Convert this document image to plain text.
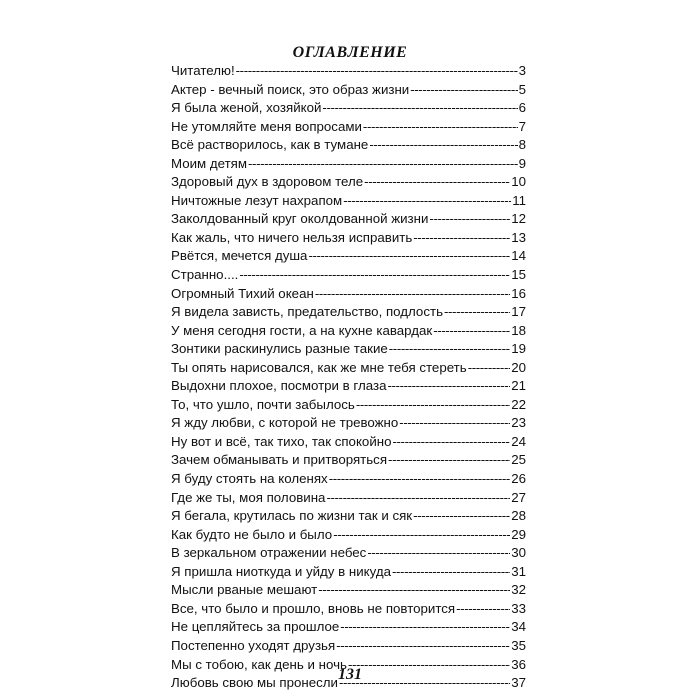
ОГЛАВЛЕНИЕ
Читателю! -----	3
Актер - вечный поиск, это образ жизни -----	5
Я была женой, хозяйкой -----	6
Не утомляйте меня вопросами -----	7
Всё растворилось, как в тумане -----	8
Моим детям -----	9
Здоровый дух в здоровом теле -----	10
Ничтожные лезут нахрапом -----	11
Заколдованный круг околдованной жизни -----	12
Как жаль, что ничего нельзя исправить -----	13
Рвётся, мечется душа -----	14
Странно.... -----	15
Огромный Тихий океан -----	16
Я видела зависть, предательство, подлость -----	17
У меня сегодня гости, а на кухне кавардак -----	18
Зонтики раскинулись разные такие -----	19
Ты опять нарисовался, как же мне тебя стереть -----	20
Выдохни плохое, посмотри в глаза -----	21
То, что ушло, почти забылось -----	22
Я жду любви, с которой не тревожно -----	23
Ну вот и всё, так тихо, так спокойно -----	24
Зачем обманывать и притворяться -----	25
Я буду стоять на коленях -----	26
Где же ты, моя половина -----	27
Я бегала, крутилась по жизни так и сяк -----	28
Как будто не было и было -----	29
В зеркальном отражении небес -----	30
Я пришла ниоткуда и уйду в никуда -----	31
Мысли рваные мешают -----	32
Все, что было и прошло, вновь не повторится -----	33
Не цепляйтесь за прошлое -----	34
Постепенно уходят друзья -----	35
Мы с тобою, как день и ночь -----	36
Любовь свою мы пронесли -----	37
131
